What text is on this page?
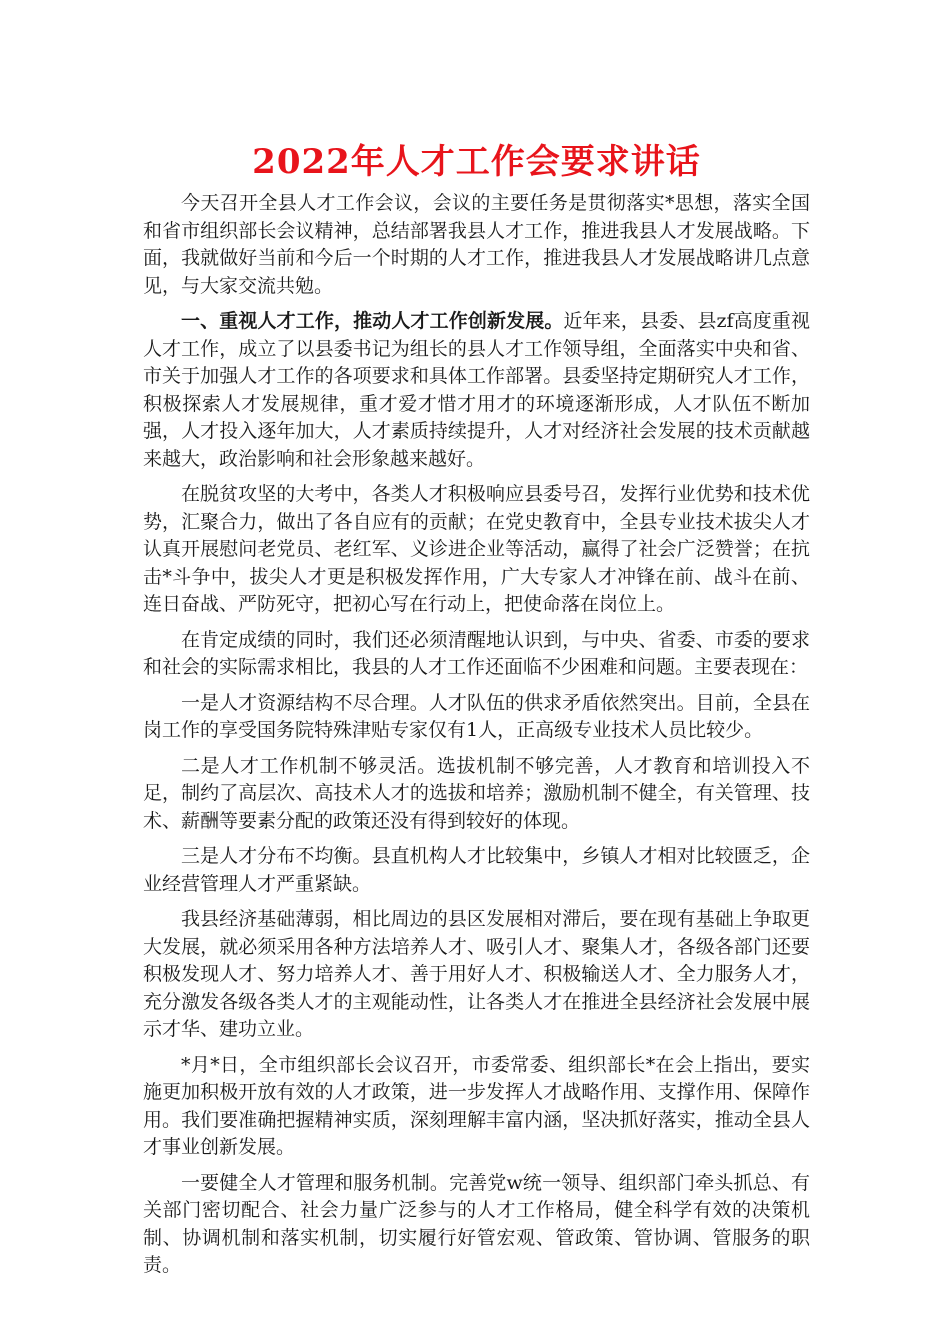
2022年人才工作会要求讲话

今天召开全县人才工作会议，会议的主要任务是贯彻落实*思想，落实全国和省市组织部长会议精神，总结部署我县人才工作，推进我县人才发展战略。下面，我就做好当前和今后一个时期的人才工作，推进我县人才发展战略讲几点意见，与大家交流共勉。

一、重视人才工作，推动人才工作创新发展。近年来，县委、县zf高度重视人才工作，成立了以县委书记为组长的县人才工作领导组，全面落实中央和省、市关于加强人才工作的各项要求和具体工作部署。县委坚持定期研究人才工作，积极探索人才发展规律，重才爱才惜才用才的环境逐渐形成，人才队伍不断加强，人才投入逐年加大，人才素质持续提升，人才对经济社会发展的技术贡献越来越大，政治影响和社会形象越来越好。

在脱贫攻坚的大考中，各类人才积极响应县委号召，发挥行业优势和技术优势，汇聚合力，做出了各自应有的贡献；在党史教育中，全县专业技术拔尖人才认真开展慰问老党员、老红军、义诊进企业等活动，赢得了社会广泛赞誉；在抗击*斗争中，拔尖人才更是积极发挥作用，广大专家人才冲锋在前、战斗在前、连日奋战、严防死守，把初心写在行动上，把使命落在岗位上。

在肯定成绩的同时，我们还必须清醒地认识到，与中央、省委、市委的要求和社会的实际需求相比，我县的人才工作还面临不少困难和问题。主要表现在：

一是人才资源结构不尽合理。人才队伍的供求矛盾依然突出。目前，全县在岗工作的享受国务院特殊津贴专家仅有1人，正高级专业技术人员比较少。

二是人才工作机制不够灵活。选拔机制不够完善，人才教育和培训投入不足，制约了高层次、高技术人才的选拔和培养；激励机制不健全，有关管理、技术、薪酬等要素分配的政策还没有得到较好的体现。

三是人才分布不均衡。县直机构人才比较集中，乡镇人才相对比较匮乏，企业经营管理人才严重紧缺。

我县经济基础薄弱，相比周边的县区发展相对滞后，要在现有基础上争取更大发展，就必须采用各种方法培养人才、吸引人才、聚集人才，各级各部门还要积极发现人才、努力培养人才、善于用好人才、积极输送人才、全力服务人才，充分激发各级各类人才的主观能动性，让各类人才在推进全县经济社会发展中展示才华、建功立业。

*月*日，全市组织部长会议召开，市委常委、组织部长*在会上指出，要实施更加积极开放有效的人才政策，进一步发挥人才战略作用、支撑作用、保障作用。我们要准确把握精神实质，深刻理解丰富内涵，坚决抓好落实，推动全县人才事业创新发展。

一要健全人才管理和服务机制。完善党w统一领导、组织部门牵头抓总、有关部门密切配合、社会力量广泛参与的人才工作格局，健全科学有效的决策机制、协调机制和落实机制，切实履行好管宏观、管政策、管协调、管服务的职责。
